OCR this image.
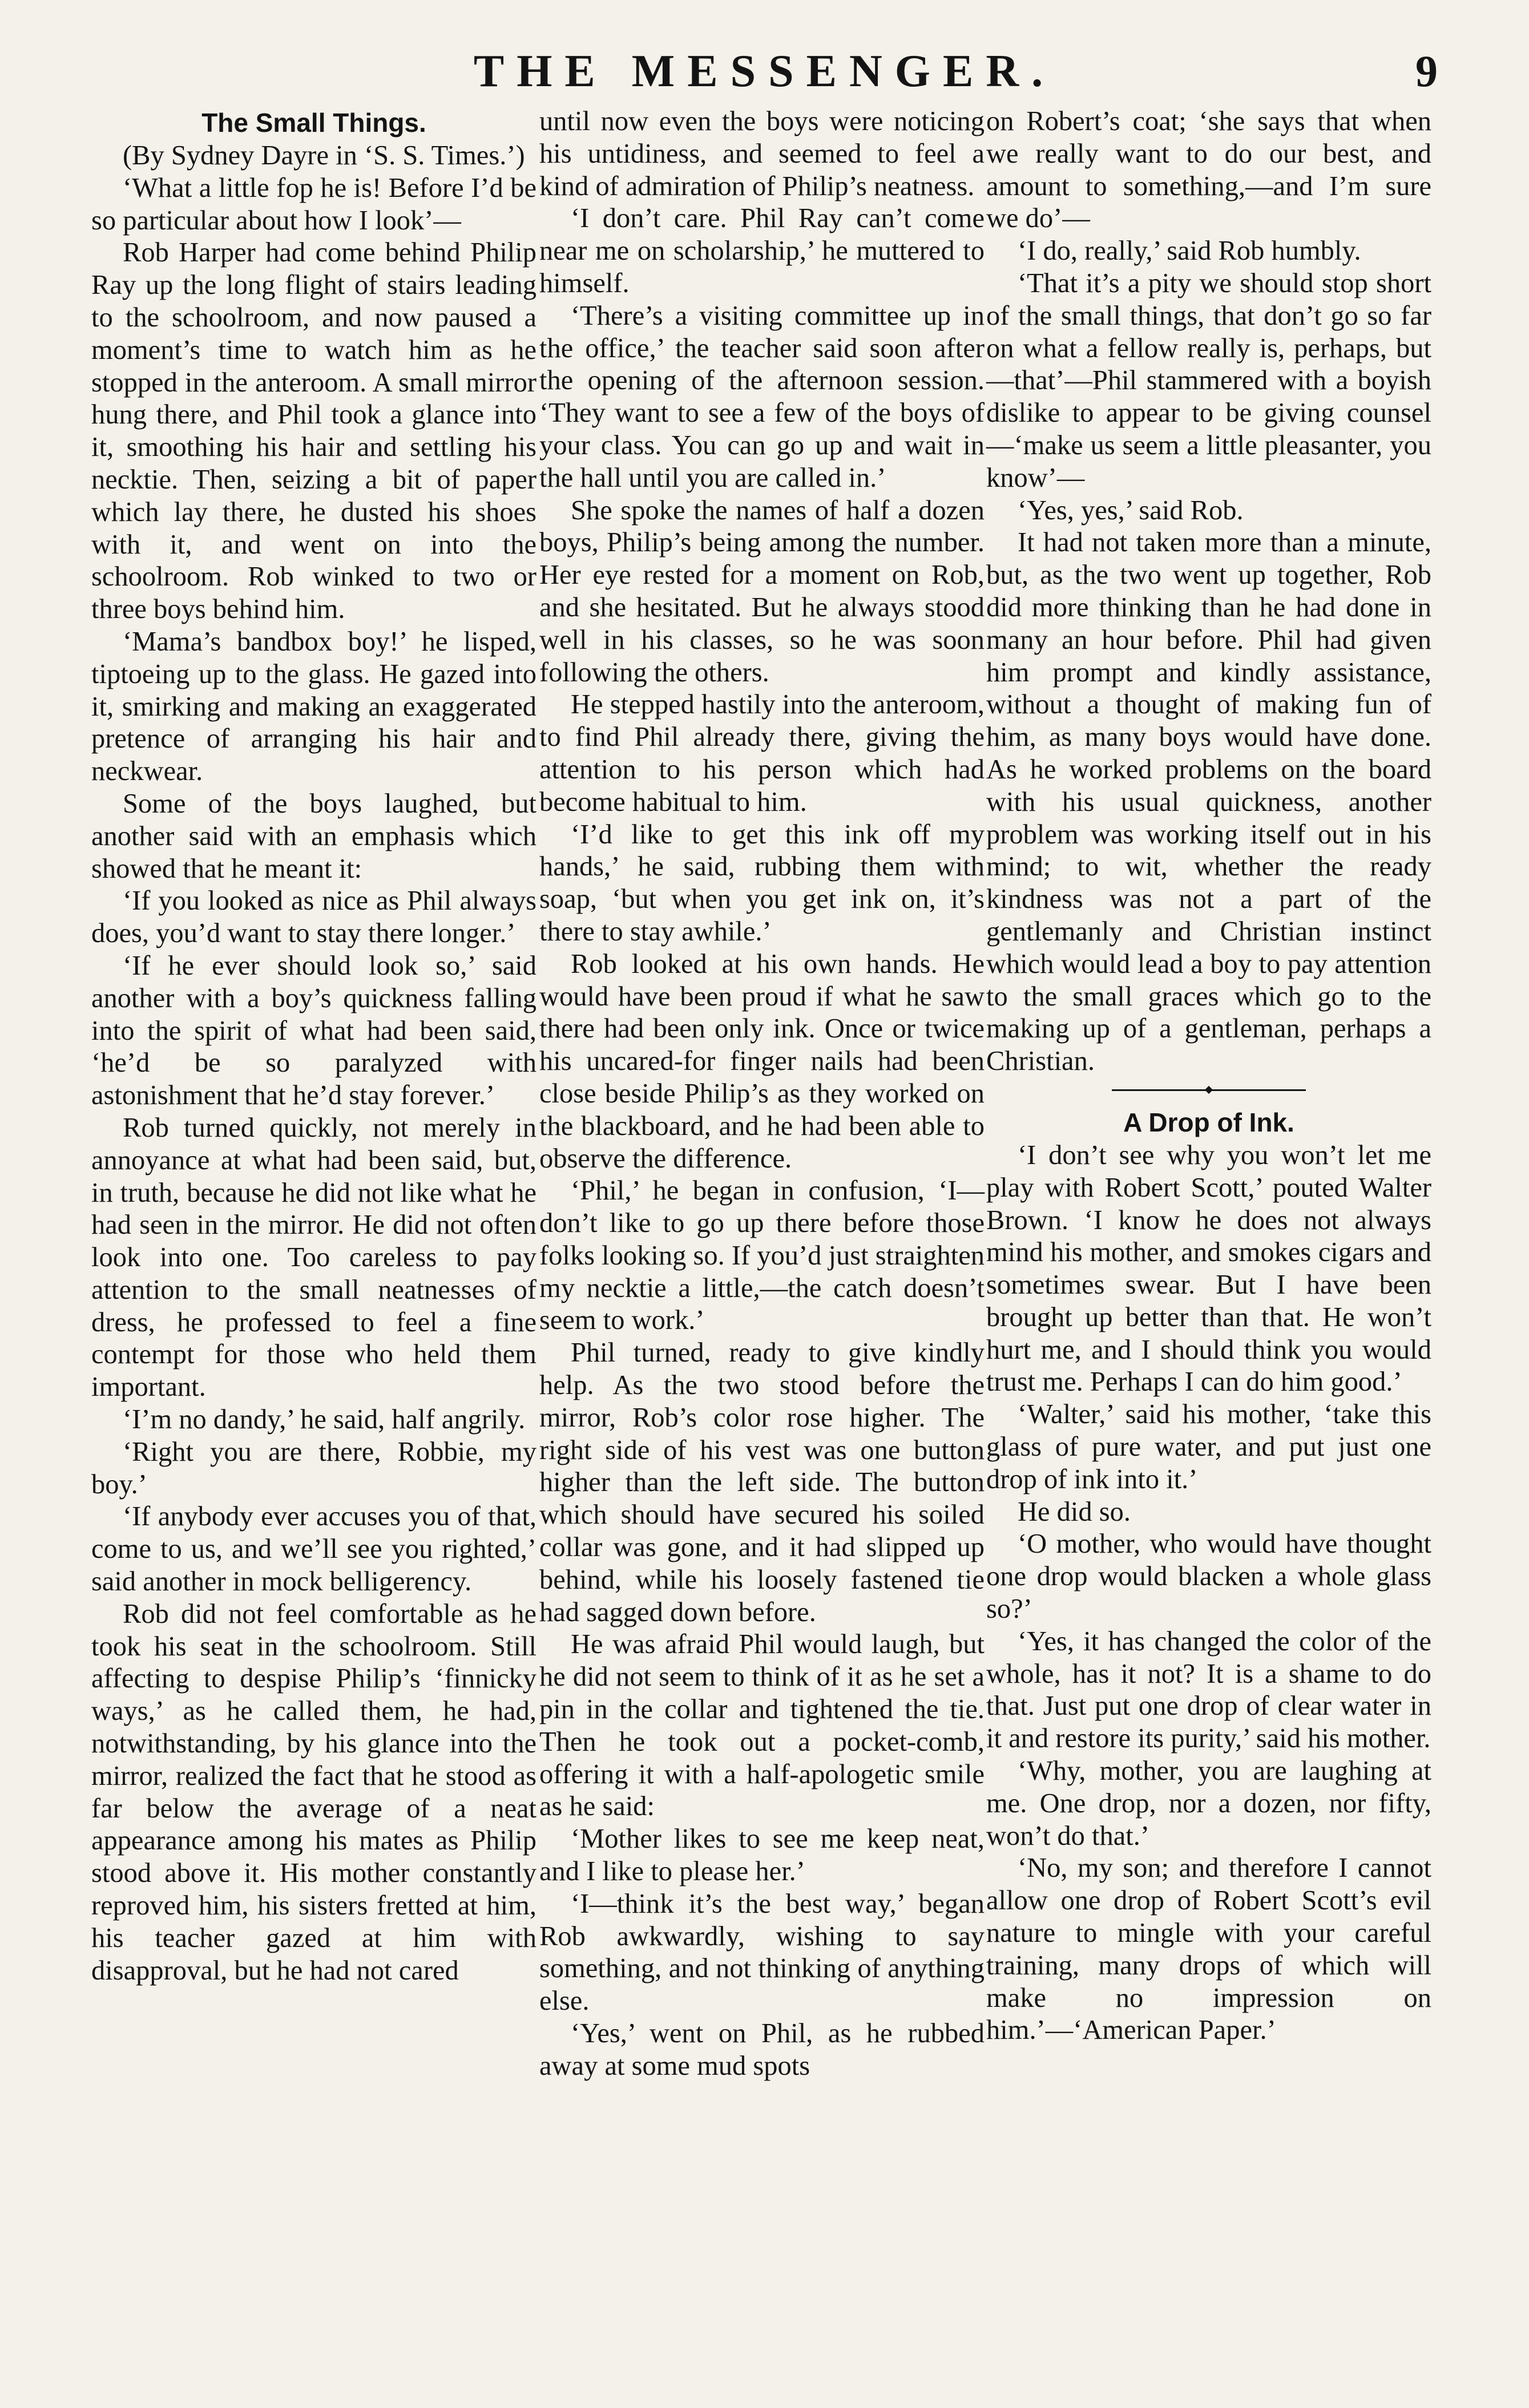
THE MESSENGER.	9
The Small Things.

(By Sydney Dayre in ‘S. S. Times.’)

‘What a little fop he is! Before I’d be so particular about how I look’—

Rob Harper had come behind Philip Ray up the long flight of stairs leading to the schoolroom, and now paused a moment’s time to watch him as he stopped in the anteroom. A small mirror hung there, and Phil took a glance into it, smoothing his hair and settling his necktie. Then, seizing a bit of paper which lay there, he dusted his shoes with it, and went on into the schoolroom. Rob winked to two or three boys behind him.

‘Mama’s bandbox boy!’ he lisped, tiptoeing up to the glass. He gazed into it, smirking and making an exaggerated pretence of arranging his hair and neckwear.

Some of the boys laughed, but another said with an emphasis which showed that he meant it:

‘If you looked as nice as Phil always does, you’d want to stay there longer.’

‘If he ever should look so,’ said another with a boy’s quickness falling into the spirit of what had been said, ‘he’d be so paralyzed with astonishment that he’d stay forever.’

Rob turned quickly, not merely in annoyance at what had been said, but, in truth, because he did not like what he had seen in the mirror. He did not often look into one. Too careless to pay attention to the small neatnesses of dress, he professed to feel a fine contempt for those who held them important.

‘I’m no dandy,’ he said, half angrily.

‘Right you are there, Robbie, my boy.’

‘If anybody ever accuses you of that, come to us, and we’ll see you righted,’ said another in mock belligerency.

Rob did not feel comfortable as he took his seat in the schoolroom. Still affecting to despise Philip’s ‘finnicky ways,’ as he called them, he had, notwithstanding, by his glance into the mirror, realized the fact that he stood as far below the average of a neat appearance among his mates as Philip stood above it. His mother constantly reproved him, his sisters fretted at him, his teacher gazed at him with disapproval, but he had not cared

until now even the boys were noticing his untidiness, and seemed to feel a kind of admiration of Philip’s neatness.

‘I don’t care. Phil Ray can’t come near me on scholarship,’ he muttered to himself.

‘There’s a visiting committee up in the office,’ the teacher said soon after the opening of the afternoon session. ‘They want to see a few of the boys of your class. You can go up and wait in the hall until you are called in.’

She spoke the names of half a dozen boys, Philip’s being among the number. Her eye rested for a moment on Rob, and she hesitated. But he always stood well in his classes, so he was soon following the others.

He stepped hastily into the anteroom, to find Phil already there, giving the attention to his person which had become habitual to him.

‘I’d like to get this ink off my hands,’ he said, rubbing them with soap, ‘but when you get ink on, it’s there to stay awhile.’

Rob looked at his own hands. He would have been proud if what he saw there had been only ink. Once or twice his uncared-for finger nails had been close beside Philip’s as they worked on the blackboard, and he had been able to observe the difference.

‘Phil,’ he began in confusion, ‘I—don’t like to go up there before those folks looking so. If you’d just straighten my necktie a little,—the catch doesn’t seem to work.’

Phil turned, ready to give kindly help. As the two stood before the mirror, Rob’s color rose higher. The right side of his vest was one button higher than the left side. The button which should have secured his soiled collar was gone, and it had slipped up behind, while his loosely fastened tie had sagged down before.

He was afraid Phil would laugh, but he did not seem to think of it as he set a pin in the collar and tightened the tie. Then he took out a pocket-comb, offering it with a half-apologetic smile as he said:

‘Mother likes to see me keep neat, and I like to please her.’

‘I—think it’s the best way,’ began Rob awkwardly, wishing to say something, and not thinking of anything else.

‘Yes,’ went on Phil, as he rubbed away at some mud spots

on Robert’s coat; ‘she says that when we really want to do our best, and amount to something,—and I’m sure we do’—

‘I do, really,’ said Rob humbly.

‘That it’s a pity we should stop short of the small things, that don’t go so far on what a fellow really is, perhaps, but—that’—Phil stammered with a boyish dislike to appear to be giving counsel—‘make us seem a little pleasanter, you know’—

‘Yes, yes,’ said Rob.

It had not taken more than a minute, but, as the two went up together, Rob did more thinking than he had done in many an hour before. Phil had given him prompt and kindly assistance, without a thought of making fun of him, as many boys would have done. As he worked problems on the board with his usual quickness, another problem was working itself out in his mind; to wit, whether the ready kindness was not a part of the gentlemanly and Christian instinct which would lead a boy to pay attention to the small graces which go to the making up of a gentleman, perhaps a Christian.

A Drop of Ink.

‘I don’t see why you won’t let me play with Robert Scott,’ pouted Walter Brown. ‘I know he does not always mind his mother, and smokes cigars and sometimes swear. But I have been brought up better than that. He won’t hurt me, and I should think you would trust me. Perhaps I can do him good.’

‘Walter,’ said his mother, ‘take this glass of pure water, and put just one drop of ink into it.’

He did so.

‘O mother, who would have thought one drop would blacken a whole glass so?’

‘Yes, it has changed the color of the whole, has it not? It is a shame to do that. Just put one drop of clear water in it and restore its purity,’ said his mother.

‘Why, mother, you are laughing at me. One drop, nor a dozen, nor fifty, won’t do that.’

‘No, my son; and therefore I cannot allow one drop of Robert Scott’s evil nature to mingle with your careful training, many drops of which will make no impression on him.’—‘American Paper.’
